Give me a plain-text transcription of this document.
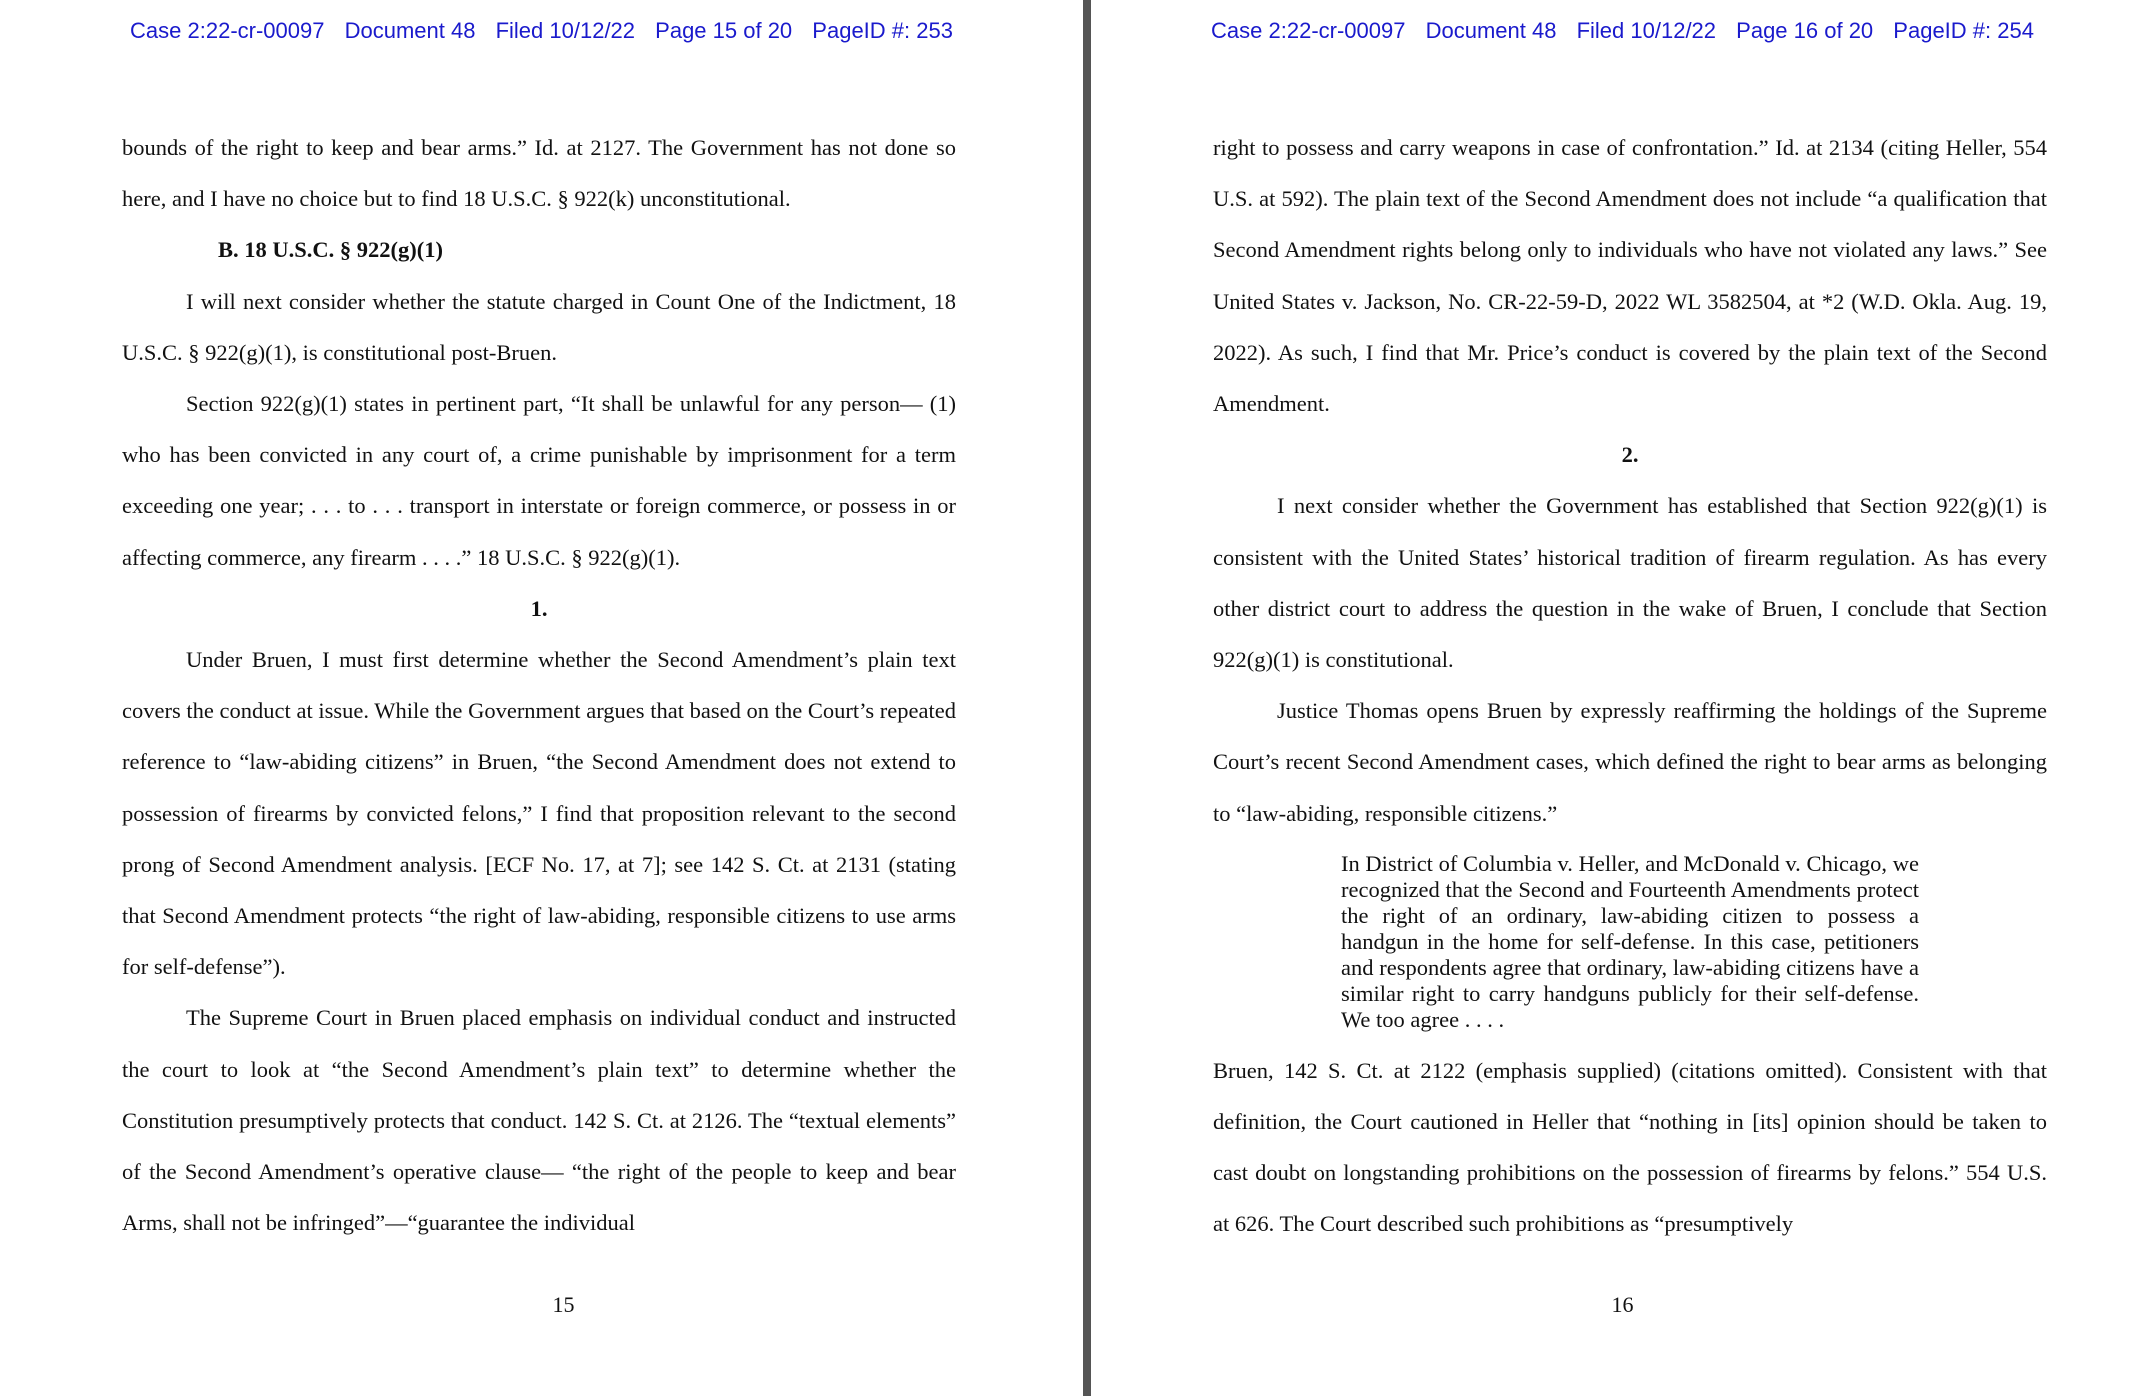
Case 2:22-cr-00097 Document 48 Filed 10/12/22 Page 15 of 20 PageID #: 253

bounds of the right to keep and bear arms.” Id. at 2127. The Government has not done so here, and I have no choice but to find 18 U.S.C. § 922(k) unconstitutional.

B. 18 U.S.C. § 922(g)(1)

I will next consider whether the statute charged in Count One of the Indictment, 18 U.S.C. § 922(g)(1), is constitutional post-Bruen.

Section 922(g)(1) states in pertinent part, “It shall be unlawful for any person— (1) who has been convicted in any court of, a crime punishable by imprisonment for a term exceeding one year; . . . to . . . transport in interstate or foreign commerce, or possess in or affecting commerce, any firearm . . . .” 18 U.S.C. § 922(g)(1).

1.

Under Bruen, I must first determine whether the Second Amendment’s plain text covers the conduct at issue. While the Government argues that based on the Court’s repeated reference to “law-abiding citizens” in Bruen, “the Second Amendment does not extend to possession of firearms by convicted felons,” I find that proposition relevant to the second prong of Second Amendment analysis. [ECF No. 17, at 7]; see 142 S. Ct. at 2131 (stating that Second Amendment protects “the right of law-abiding, responsible citizens to use arms for self-defense”).

The Supreme Court in Bruen placed emphasis on individual conduct and instructed the court to look at “the Second Amendment’s plain text” to determine whether the Constitution presumptively protects that conduct. 142 S. Ct. at 2126. The “textual elements” of the Second Amendment’s operative clause— “the right of the people to keep and bear Arms, shall not be infringed”—“guarantee the individual

15
Case 2:22-cr-00097 Document 48 Filed 10/12/22 Page 16 of 20 PageID #: 254

right to possess and carry weapons in case of confrontation.” Id. at 2134 (citing Heller, 554 U.S. at 592). The plain text of the Second Amendment does not include “a qualification that Second Amendment rights belong only to individuals who have not violated any laws.” See United States v. Jackson, No. CR-22-59-D, 2022 WL 3582504, at *2 (W.D. Okla. Aug. 19, 2022). As such, I find that Mr. Price’s conduct is covered by the plain text of the Second Amendment.

2.

I next consider whether the Government has established that Section 922(g)(1) is consistent with the United States’ historical tradition of firearm regulation. As has every other district court to address the question in the wake of Bruen, I conclude that Section 922(g)(1) is constitutional.

Justice Thomas opens Bruen by expressly reaffirming the holdings of the Supreme Court’s recent Second Amendment cases, which defined the right to bear arms as belonging to “law-abiding, responsible citizens.”

In District of Columbia v. Heller, and McDonald v. Chicago, we recognized that the Second and Fourteenth Amendments protect the right of an ordinary, law-abiding citizen to possess a handgun in the home for self-defense. In this case, petitioners and respondents agree that ordinary, law-abiding citizens have a similar right to carry handguns publicly for their self-defense. We too agree . . . .

Bruen, 142 S. Ct. at 2122 (emphasis supplied) (citations omitted). Consistent with that definition, the Court cautioned in Heller that “nothing in [its] opinion should be taken to cast doubt on longstanding prohibitions on the possession of firearms by felons.” 554 U.S. at 626. The Court described such prohibitions as “presumptively

16
